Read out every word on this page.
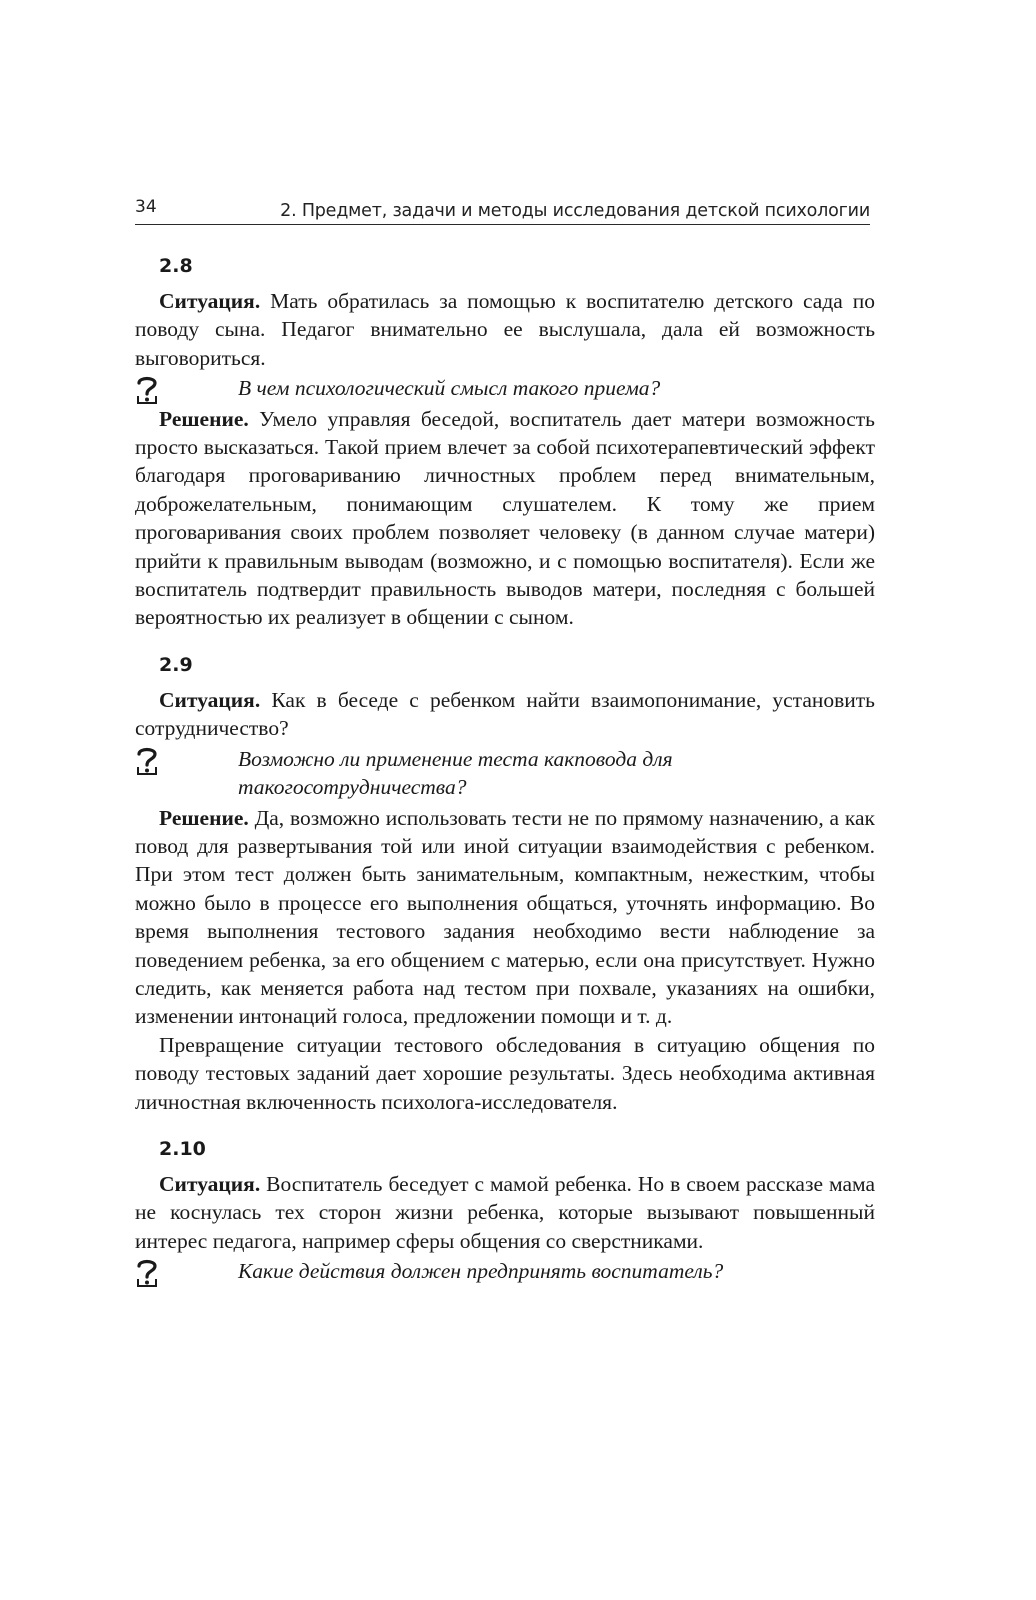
34	2. Предмет, задачи и методы исследования детской психологии
2.8

Ситуация. Мать обратилась за помощью к воспитателю детского сада по поводу сына. Педагог внимательно ее выслушала, дала ей возможность выговориться.

В чем психологический смысл такого приема?

Решение. Умело управляя беседой, воспитатель дает матери возможность просто высказаться. Такой прием влечет за собой психотерапевтический эффект благодаря проговариванию личностных проблем перед внимательным, доброжелательным, понимающим слушателем. К тому же прием проговаривания своих проблем позволяет человеку (в данном случае матери) прийти к правильным выводам (возможно, и с помощью воспитателя). Если же воспитатель подтвердит правильность выводов матери, последняя с большей вероятностью их реализует в общении с сыном.

2.9

Ситуация. Как в беседе с ребенком найти взаимопонимание, установить сотрудничество?

Возможно ли применение теста какповода для такогосотрудничества?

Решение. Да, возможно использовать тести не по прямому назначению, а как повод для развертывания той или иной ситуации взаимодействия с ребенком. При этом тест должен быть занимательным, компактным, нежестким, чтобы можно было в процессе его выполнения общаться, уточнять информацию. Во время выполнения тестового задания необходимо вести наблюдение за поведением ребенка, за его общением с матерью, если она присутствует. Нужно следить, как меняется работа над тестом при похвале, указаниях на ошибки, изменении интонаций голоса, предложении помощи и т. д.

Превращение ситуации тестового обследования в ситуацию общения по поводу тестовых заданий дает хорошие результаты. Здесь необходима активная личностная включенность психолога-исследователя.

2.10

Ситуация. Воспитатель беседует с мамой ребенка. Но в своем рассказе мама не коснулась тех сторон жизни ребенка, которые вызывают повышенный интерес педагога, например сферы общения со сверстниками.

Какие действия должен предпринять воспитатель?
